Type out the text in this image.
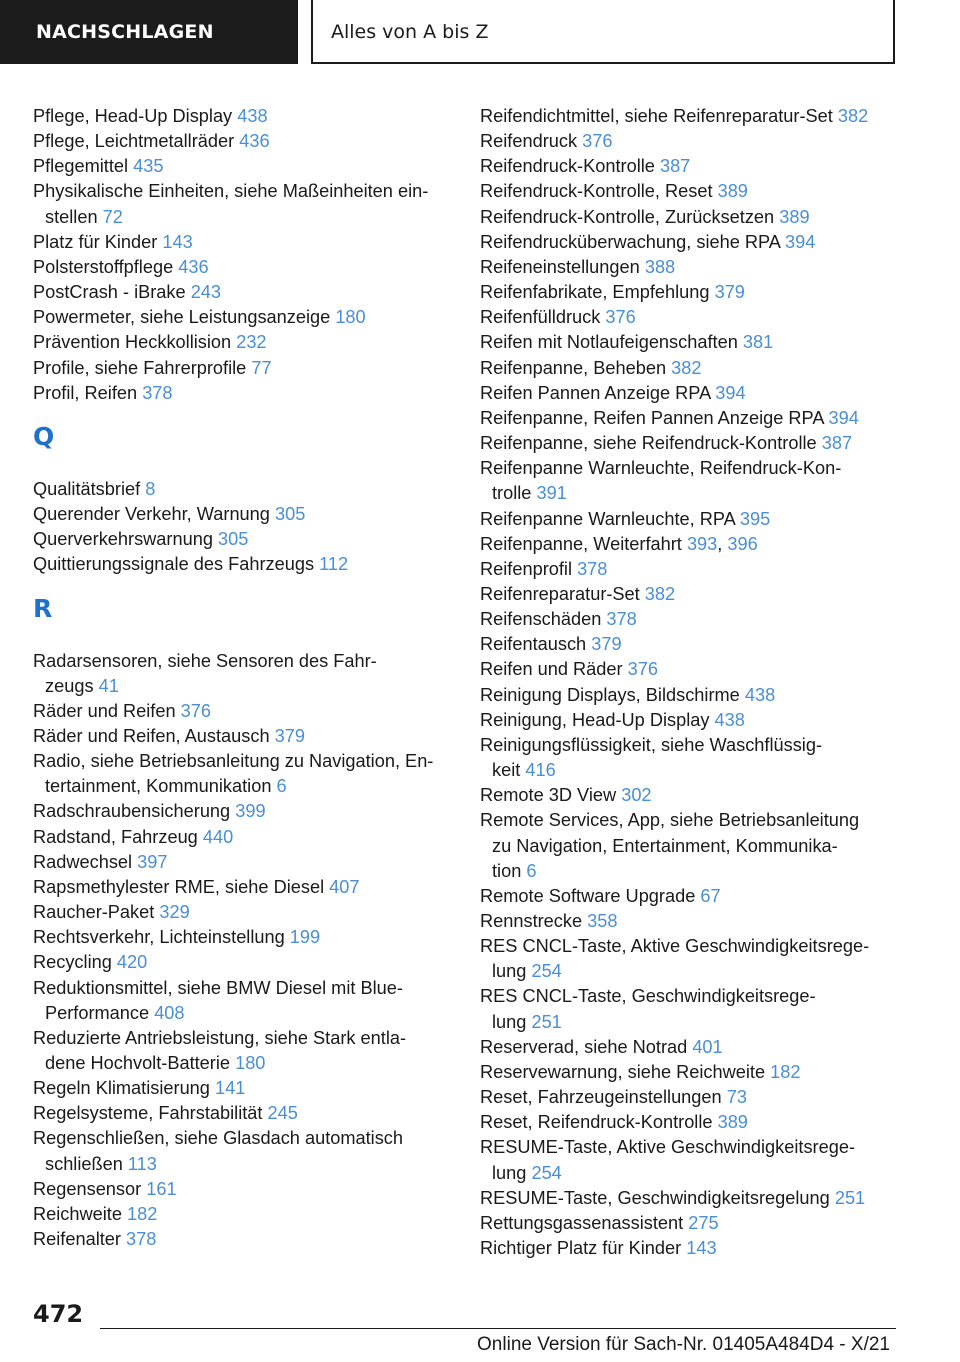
NACHSCHLAGEN	Alles von A bis Z
Pflege, Head-Up Display 438
Pflege, Leichtmetallräder 436
Pflegemittel 435
Physikalische Einheiten, siehe Maßeinheiten ein-
stellen 72
Platz für Kinder 143
Polsterstoffpflege 436
PostCrash - iBrake 243
Powermeter, siehe Leistungsanzeige 180
Prävention Heckkollision 232
Profile, siehe Fahrerprofile 77
Profil, Reifen 378
Q
Qualitätsbrief 8
Querender Verkehr, Warnung 305
Querverkehrswarnung 305
Quittierungssignale des Fahrzeugs 112
R
Radarsensoren, siehe Sensoren des Fahr-
zeugs 41
Räder und Reifen 376
Räder und Reifen, Austausch 379
Radio, siehe Betriebsanleitung zu Navigation, En-
tertainment, Kommunikation 6
Radschraubensicherung 399
Radstand, Fahrzeug 440
Radwechsel 397
Rapsmethylester RME, siehe Diesel 407
Raucher-Paket 329
Rechtsverkehr, Lichteinstellung 199
Recycling 420
Reduktionsmittel, siehe BMW Diesel mit Blue-
Performance 408
Reduzierte Antriebsleistung, siehe Stark entla-
dene Hochvolt-Batterie 180
Regeln Klimatisierung 141
Regelsysteme, Fahrstabilität 245
Regenschließen, siehe Glasdach automatisch
schließen 113
Regensensor 161
Reichweite 182
Reifenalter 378
Reifendichtmittel, siehe Reifenreparatur-Set 382
Reifendruck 376
Reifendruck-Kontrolle 387
Reifendruck-Kontrolle, Reset 389
Reifendruck-Kontrolle, Zurücksetzen 389
Reifendrucküberwachung, siehe RPA 394
Reifeneinstellungen 388
Reifenfabrikate, Empfehlung 379
Reifenfülldruck 376
Reifen mit Notlaufeigenschaften 381
Reifenpanne, Beheben 382
Reifen Pannen Anzeige RPA 394
Reifenpanne, Reifen Pannen Anzeige RPA 394
Reifenpanne, siehe Reifendruck-Kontrolle 387
Reifenpanne Warnleuchte, Reifendruck-Kon-
trolle 391
Reifenpanne Warnleuchte, RPA 395
Reifenpanne, Weiterfahrt 393, 396
Reifenprofil 378
Reifenreparatur-Set 382
Reifenschäden 378
Reifentausch 379
Reifen und Räder 376
Reinigung Displays, Bildschirme 438
Reinigung, Head-Up Display 438
Reinigungsflüssigkeit, siehe Waschflüssig-
keit 416
Remote 3D View 302
Remote Services, App, siehe Betriebsanleitung
zu Navigation, Entertainment, Kommunika-
tion 6
Remote Software Upgrade 67
Rennstrecke 358
RES CNCL-Taste, Aktive Geschwindigkeitsrege-
lung 254
RES CNCL-Taste, Geschwindigkeitsrege-
lung 251
Reserverad, siehe Notrad 401
Reservewarnung, siehe Reichweite 182
Reset, Fahrzeugeinstellungen 73
Reset, Reifendruck-Kontrolle 389
RESUME-Taste, Aktive Geschwindigkeitsrege-
lung 254
RESUME-Taste, Geschwindigkeitsregelung 251
Rettungsgassenassistent 275
Richtiger Platz für Kinder 143
472
Online Version für Sach-Nr. 01405A484D4 - X/21
